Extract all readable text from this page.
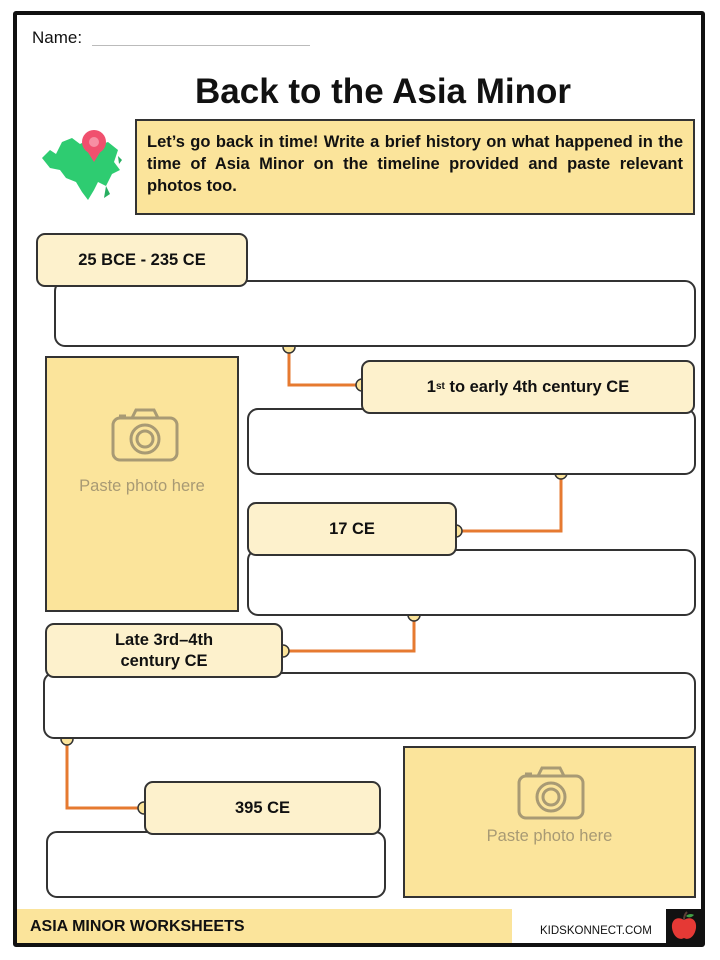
Name:
Back to the Asia Minor
Let’s go back in time! Write a brief history on what happened in the time of Asia Minor on the timeline provided and paste relevant photos too.
25 BCE - 235 CE
Paste photo here
1 st to early 4th century CE
17 CE
Late 3rd–4th
century CE
Paste photo here
395 CE
ASIA MINOR WORKSHEETS	KIDSKONNECT.COM
